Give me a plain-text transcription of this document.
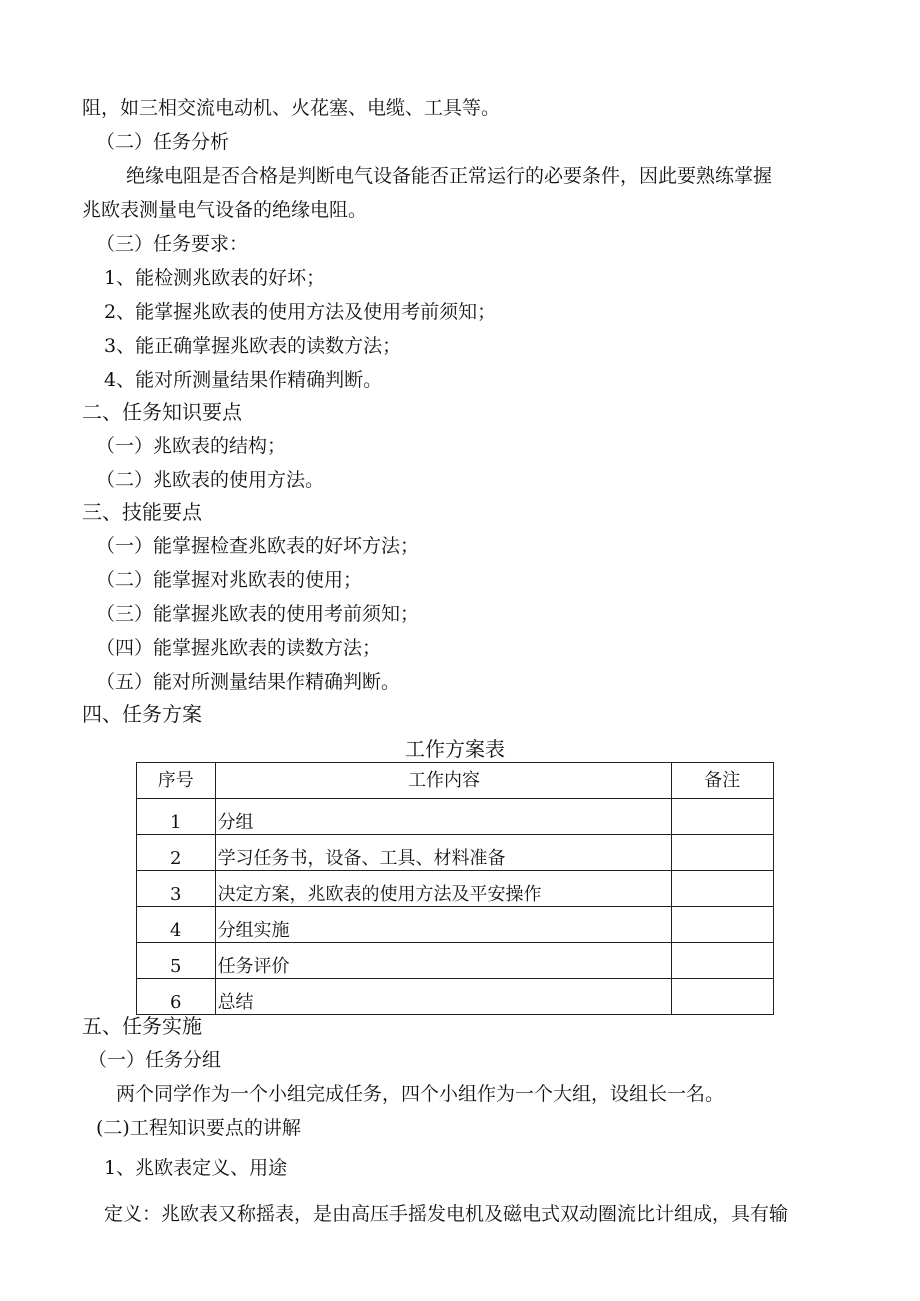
阻，如三相交流电动机、火花塞、电缆、工具等。
（二）任务分析
绝缘电阻是否合格是判断电气设备能否正常运行的必要条件，因此要熟练掌握
兆欧表测量电气设备的绝缘电阻。
（三）任务要求：
1、能检测兆欧表的好坏；
2、能掌握兆欧表的使用方法及使用考前须知；
3、能正确掌握兆欧表的读数方法；
4、能对所测量结果作精确判断。
二、任务知识要点
（一）兆欧表的结构；
（二）兆欧表的使用方法。
三、技能要点
（一）能掌握检查兆欧表的好坏方法；
（二）能掌握对兆欧表的使用；
（三）能掌握兆欧表的使用考前须知；
（四）能掌握兆欧表的读数方法；
（五）能对所测量结果作精确判断。
四、任务方案
工作方案表
序号	工作内容	备注
1	分组	
2	学习任务书，设备、工具、材料准备	
3	决定方案，兆欧表的使用方法及平安操作	
4	分组实施	
5	任务评价	
6	总结	
五、任务实施
（一）任务分组
两个同学作为一个小组完成任务，四个小组作为一个大组，设组长一名。
(二)工程知识要点的讲解
1、兆欧表定义、用途
定义：兆欧表又称摇表，是由高压手摇发电机及磁电式双动圈流比计组成，具有输
